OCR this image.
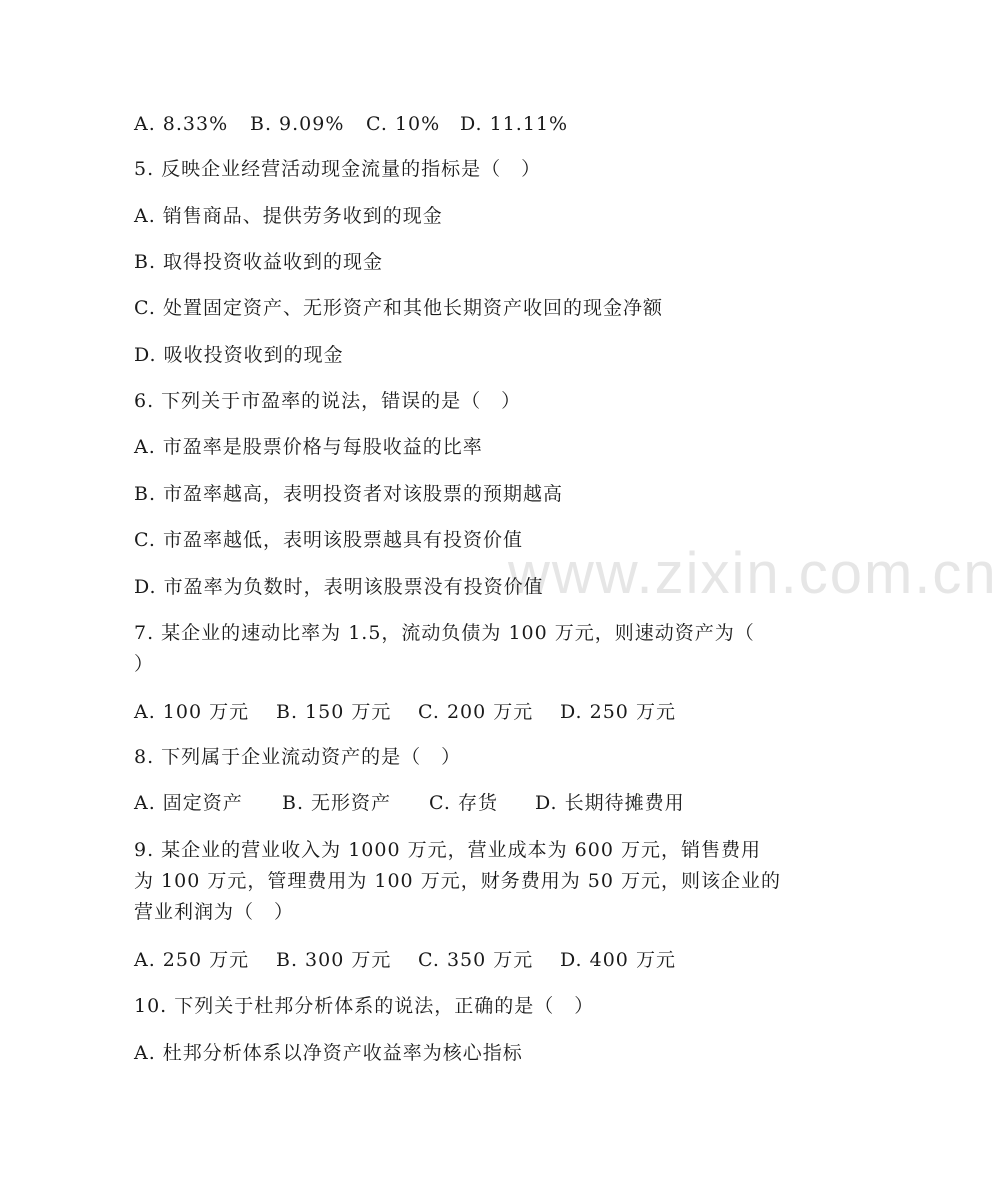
www.zixin.com.cn

A. 8.33%

B. 9.09%

C. 10%

D. 11.11%

5. 反映企业经营活动现金流量的指标是（　）
A. 销售商品、提供劳务收到的现金
B. 取得投资收益收到的现金
C. 处置固定资产、无形资产和其他长期资产收回的现金净额
D. 吸收投资收到的现金
6. 下列关于市盈率的说法，错误的是（　）
A. 市盈率是股票价格与每股收益的比率
B. 市盈率越高，表明投资者对该股票的预期越高
C. 市盈率越低，表明该股票越具有投资价值
D. 市盈率为负数时，表明该股票没有投资价值
7. 某企业的速动比率为 1.5，流动负债为 100 万元，则速动资产为（
）

A. 100 万元

B. 150 万元

C. 200 万元

D. 250 万元

8. 下列属于企业流动资产的是（　）

A. 固定资产

B. 无形资产

C. 存货

D. 长期待摊费用

9. 某企业的营业收入为 1000 万元，营业成本为 600 万元，销售费用
为 100 万元，管理费用为 100 万元，财务费用为 50 万元，则该企业的
营业利润为（　）

A. 250 万元

B. 300 万元

C. 350 万元

D. 400 万元

10. 下列关于杜邦分析体系的说法，正确的是（　）
A. 杜邦分析体系以净资产收益率为核心指标
